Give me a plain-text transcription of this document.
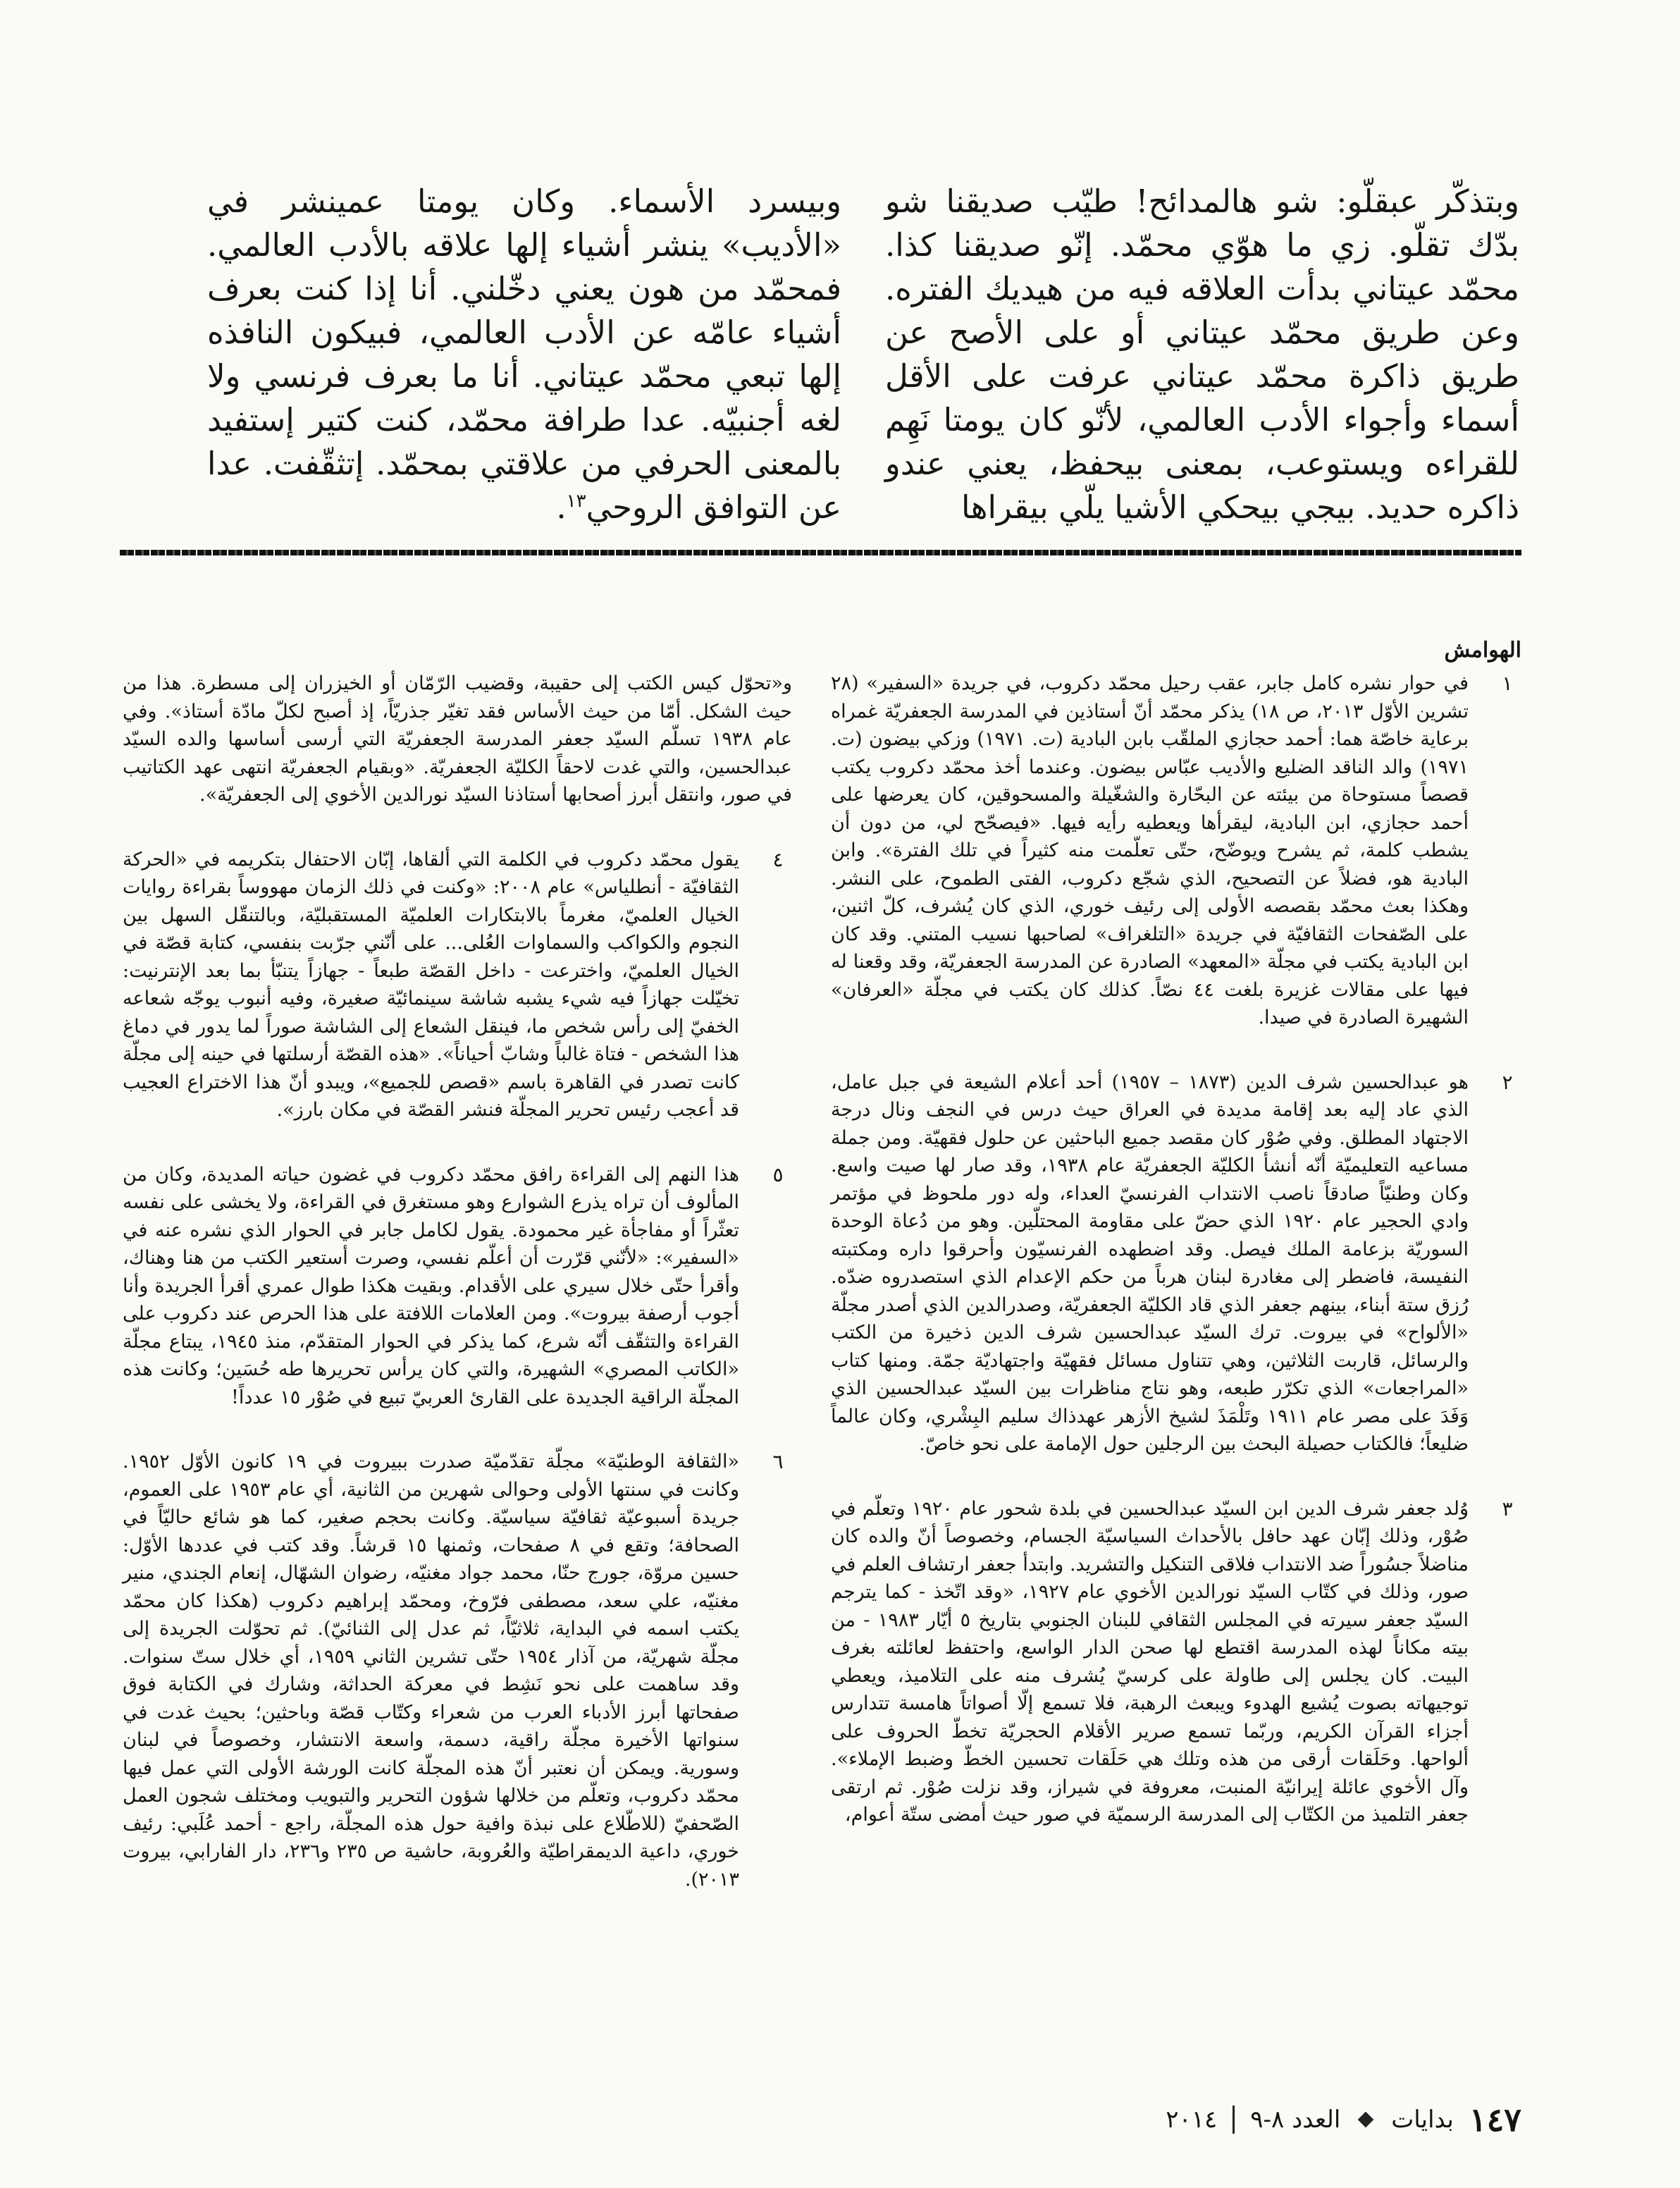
وبتذكّر عبقلّو: شو هالمدائح! طيّب صديقنا شو بدّك تقلّو. زي ما هوّي محمّد. إنّو صديقنا كذا. محمّد عيتاني بدأت العلاقه فيه من هيديك الفتره. وعن طريق محمّد عيتاني أو على الأصح عن طريق ذاكرة محمّد عيتاني عرفت على الأقل أسماء وأجواء الأدب العالمي، لأنّو كان يومتا نَهِم للقراءه ويستوعب، بمعنى بيحفظ، يعني عندو ذاكره حديد. بيجي بيحكي الأشيا يلّي بيقراها

وبيسرد الأسماء. وكان يومتا عمينشر في «الأديب» ينشر أشياء إلها علاقه بالأدب العالمي. فمحمّد من هون يعني دخّلني. أنا إذا كنت بعرف أشياء عامّه عن الأدب العالمي، فبيكون النافذه إلها تبعي محمّد عيتاني. أنا ما بعرف فرنسي ولا لغه أجنبيّه. عدا طرافة محمّد، كنت كتير إستفيد بالمعنى الحرفي من علاقتي بمحمّد. إتثقّفت. عدا عن التوافق الروحي$^{١٣}$.

الهوامش
١

في حوار نشره كامل جابر، عقب رحيل محمّد دكروب، في جريدة «السفير» (٢٨ تشرين الأوّل ٢٠١٣، ص ١٨) يذكر محمّد أنّ أستاذين في المدرسة الجعفريّة غمراه برعاية خاصّة هما: أحمد حجازي الملقّب بابن البادية (ت. ١٩٧١) وزكي بيضون (ت. ١٩٧١) والد الناقد الضليع والأديب عبّاس بيضون. وعندما أخذ محمّد دكروب يكتب قصصاً مستوحاة من بيئته عن البحّارة والشغّيلة والمسحوقين، كان يعرضها على أحمد حجازي، ابن البادية، ليقرأها ويعطيه رأيه فيها. «فيصحّح لي، من دون أن يشطب كلمة، ثم يشرح ويوضّح، حتّى تعلّمت منه كثيراً في تلك الفترة». وابن البادية هو، فضلاً عن التصحيح، الذي شجّع دكروب، الفتى الطموح، على النشر. وهكذا بعث محمّد بقصصه الأولى إلى رئيف خوري، الذي كان يُشرف، كلّ اثنين، على الصّفحات الثقافيّة في جريدة «التلغراف» لصاحبها نسيب المتني. وقد كان ابن البادية يكتب في مجلّة «المعهد» الصادرة عن المدرسة الجعفريّة، وقد وقعنا له فيها على مقالات غزيرة بلغت ٤٤ نصّاً. كذلك كان يكتب في مجلّة «العرفان» الشهيرة الصادرة في صيدا.

٢

هو عبدالحسين شرف الدين (١٨٧٣ – ١٩٥٧) أحد أعلام الشيعة في جبل عامل، الذي عاد إليه بعد إقامة مديدة في العراق حيث درس في النجف ونال درجة الاجتهاد المطلق. وفي صُوْر كان مقصد جميع الباحثين عن حلول فقهيّة. ومن جملة مساعيه التعليميّة أنّه أنشأ الكليّة الجعفريّة عام ١٩٣٨، وقد صار لها صيت واسع. وكان وطنيّاً صادقاً ناصب الانتداب الفرنسيّ العداء، وله دور ملحوظ في مؤتمر وادي الحجير عام ١٩٢٠ الذي حضّ على مقاومة المحتلّين. وهو من دُعاة الوحدة السوريّة بزعامة الملك فيصل. وقد اضطهده الفرنسيّون وأحرقوا داره ومكتبته النفيسة، فاضطر إلى مغادرة لبنان هرباً من حكم الإعدام الذي استصدروه ضدّه. رُزق ستة أبناء، بينهم جعفر الذي قاد الكليّة الجعفريّة، وصدرالدين الذي أصدر مجلّة «الألواح» في بيروت. ترك السيّد عبدالحسين شرف الدين ذخيرة من الكتب والرسائل، قاربت الثلاثين، وهي تتناول مسائل فقهيّة واجتهاديّة جمّة. ومنها كتاب «المراجعات» الذي تكرّر طبعه، وهو نتاج مناظرات بين السيّد عبدالحسين الذي وَفَدَ على مصر عام ١٩١١ وتَلْمَذَ لشيخ الأزهر عهدذاك سليم البِشْري، وكان عالماً ضليعاً؛ فالكتاب حصيلة البحث بين الرجلين حول الإمامة على نحو خاصّ.

٣

وُلد جعفر شرف الدين ابن السيّد عبدالحسين في بلدة شحور عام ١٩٢٠ وتعلّم في صُوْر، وذلك إبّان عهد حافل بالأحداث السياسيّة الجسام، وخصوصاً أنّ والده كان مناضلاً جسُوراً ضد الانتداب فلاقى التنكيل والتشريد. وابتدأ جعفر ارتشاف العلم في صور، وذلك في كتّاب السيّد نورالدين الأخوي عام ١٩٢٧، «وقد اتّخذ - كما يترجم السيّد جعفر سيرته في المجلس الثقافي للبنان الجنوبي بتاريخ ٥ أيّار ١٩٨٣ - من بيته مكاناً لهذه المدرسة اقتطع لها صحن الدار الواسع، واحتفظ لعائلته بغرف البيت. كان يجلس إلى طاولة على كرسيّ يُشرف منه على التلاميذ، ويعطي توجيهاته بصوت يُشيع الهدوء ويبعث الرهبة، فلا تسمع إلّا أصواتاً هامسة تتدارس أجزاء القرآن الكريم، وربّما تسمع صرير الأقلام الحجريّة تخطّ الحروف على ألواحها. وحَلَقات أرقى من هذه وتلك هي حَلَقات تحسين الخطّ وضبط الإملاء». وآل الأخوي عائلة إيرانيّة المنبت، معروفة في شيراز، وقد نزلت صُوْر. ثم ارتقى جعفر التلميذ من الكتّاب إلى المدرسة الرسميّة في صور حيث أمضى ستّة أعوام،

و«تحوّل كيس الكتب إلى حقيبة، وقضيب الرّمّان أو الخيزران إلى مسطرة. هذا من حيث الشكل. أمّا من حيث الأساس فقد تغيّر جذريّاً، إذ أصبح لكلّ مادّة أستاذ». وفي عام ١٩٣٨ تسلّم السيّد جعفر المدرسة الجعفريّة التي أرسى أساسها والده السيّد عبدالحسين، والتي غدت لاحقاً الكليّة الجعفريّة. «وبقيام الجعفريّة انتهى عهد الكتاتيب في صور، وانتقل أبرز أصحابها أستاذنا السيّد نورالدين الأخوي إلى الجعفريّة».

٤

يقول محمّد دكروب في الكلمة التي ألقاها، إبّان الاحتفال بتكريمه في «الحركة الثقافيّة - أنطلياس» عام ٢٠٠٨: «وكنت في ذلك الزمان مهووساً بقراءة روايات الخيال العلميّ، مغرماً بالابتكارات العلميّة المستقبليّة، وبالتنقّل السهل بين النجوم والكواكب والسماوات العُلى... على أنّني جرّبت بنفسي، كتابة قصّة في الخيال العلميّ، واخترعت - داخل القصّة طبعاً - جهازاً يتنبّأ بما بعد الإنترنيت: تخيّلت جهازاً فيه شيء يشبه شاشة سينمائيّة صغيرة، وفيه أنبوب يوجّه شعاعه الخفيّ إلى رأس شخص ما، فينقل الشعاع إلى الشاشة صوراً لما يدور في دماغ هذا الشخص - فتاة غالباً وشابّ أحياناً». «هذه القصّة أرسلتها في حينه إلى مجلّة كانت تصدر في القاهرة باسم «قصص للجميع»، ويبدو أنّ هذا الاختراع العجيب قد أعجب رئيس تحرير المجلّة فنشر القصّة في مكان بارز».

٥

هذا النهم إلى القراءة رافق محمّد دكروب في غضون حياته المديدة، وكان من المألوف أن تراه يذرع الشوارع وهو مستغرق في القراءة، ولا يخشى على نفسه تعثّراً أو مفاجأة غير محمودة. يقول لكامل جابر في الحوار الذي نشره عنه في «السفير»: «لأنّني قرّرت أن أعلّم نفسي، وصرت أستعير الكتب من هنا وهناك، وأقرأ حتّى خلال سيري على الأقدام. وبقيت هكذا طوال عمري أقرأ الجريدة وأنا أجوب أرصفة بيروت». ومن العلامات اللافتة على هذا الحرص عند دكروب على القراءة والتثقّف أنّه شرع، كما يذكر في الحوار المتقدّم، منذ ١٩٤٥، يبتاع مجلّة «الكاتب المصري» الشهيرة، والتي كان يرأس تحريرها طه حُسَين؛ وكانت هذه المجلّة الراقية الجديدة على القارئ العربيّ تبيع في صُوْر ١٥ عدداً!

٦

«الثقافة الوطنيّة» مجلّة تقدّميّة صدرت ببيروت في ١٩ كانون الأوّل ١٩٥٢. وكانت في سنتها الأولى وحوالى شهرين من الثانية، أي عام ١٩٥٣ على العموم، جريدة أسبوعيّة ثقافيّة سياسيّة. وكانت بحجم صغير، كما هو شائع حاليّاً في الصحافة؛ وتقع في ٨ صفحات، وثمنها ١٥ قرشاً. وقد كتب في عددها الأوّل: حسين مروّة، جورج حنّا، محمد جواد مغنيّه، رضوان الشهّال، إنعام الجندي، منير مغنيّه، علي سعد، مصطفى فرّوخ، ومحمّد إبراهيم دكروب (هكذا كان محمّد يكتب اسمه في البداية، ثلاثيّاً، ثم عدل إلى الثنائيّ). ثم تحوّلت الجريدة إلى مجلّة شهريّة، من آذار ١٩٥٤ حتّى تشرين الثاني ١٩٥٩، أي خلال ستّ سنوات. وقد ساهمت على نحو نَشِط في معركة الحداثة، وشارك في الكتابة فوق صفحاتها أبرز الأدباء العرب من شعراء وكتّاب قصّة وباحثين؛ بحيث غدت في سنواتها الأخيرة مجلّة راقية، دسمة، واسعة الانتشار، وخصوصاً في لبنان وسورية. ويمكن أن نعتبر أنّ هذه المجلّة كانت الورشة الأولى التي عمل فيها محمّد دكروب، وتعلّم من خلالها شؤون التحرير والتبويب ومختلف شجون العمل الصّحفيّ (للاطّلاع على نبذة وافية حول هذه المجلّة، راجع - أحمد عُلَبي: رئيف خوري، داعية الديمقراطيّة والعُروبة، حاشية ص ٢٣٥ و٢٣٦، دار الفارابي، بيروت ٢٠١٣).

١٤٧
بدايات
العدد ٨-٩
٢٠١٤
